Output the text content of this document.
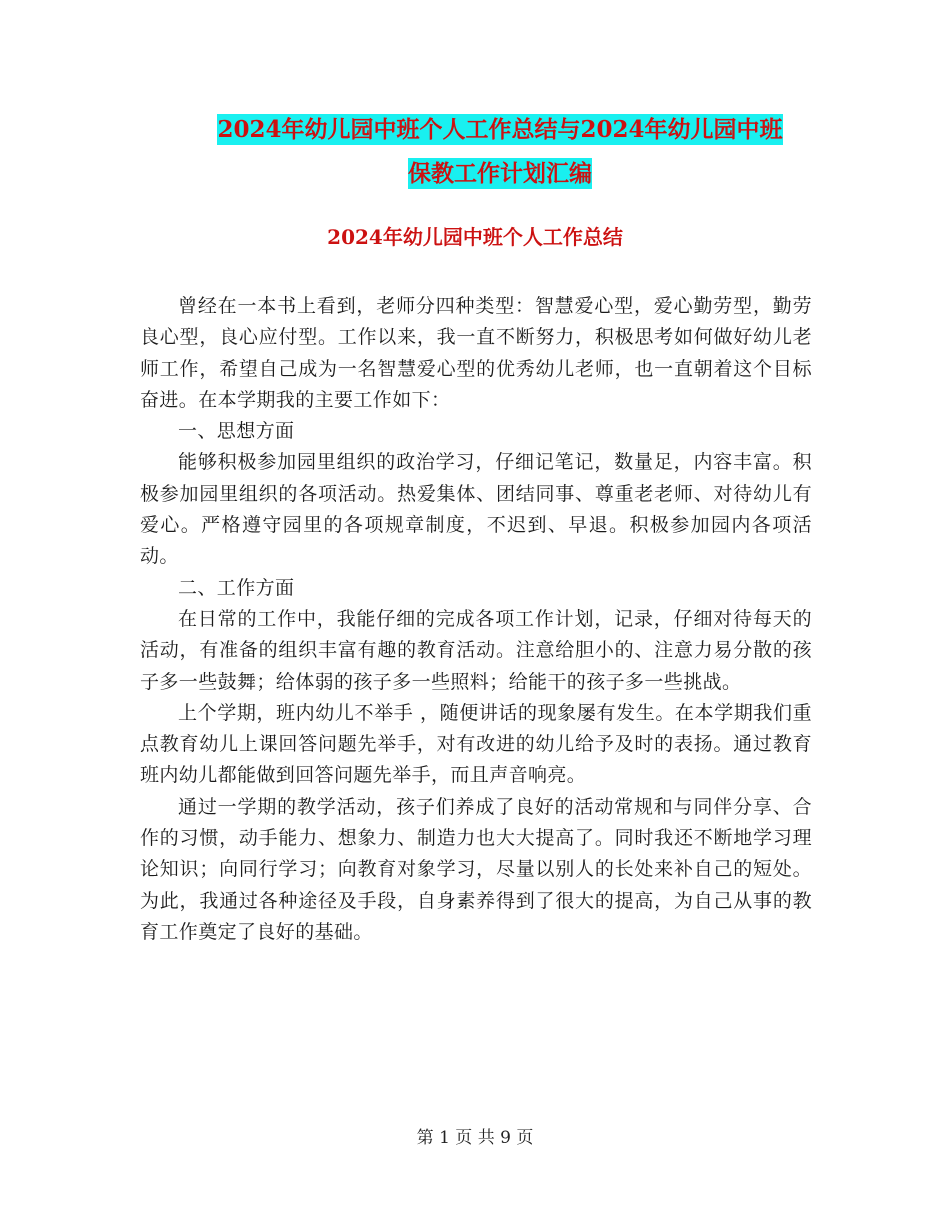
2024年幼儿园中班个人工作总结与2024年幼儿园中班
保教工作计划汇编
2024年幼儿园中班个人工作总结

曾经在一本书上看到，老师分四种类型：智慧爱心型，爱心勤劳型，勤劳良心型，良心应付型。工作以来，我一直不断努力，积极思考如何做好幼儿老师工作，希望自己成为一名智慧爱心型的优秀幼儿老师，也一直朝着这个目标奋进。在本学期我的主要工作如下：

一、思想方面

能够积极参加园里组织的政治学习，仔细记笔记，数量足，内容丰富。积极参加园里组织的各项活动。热爱集体、团结同事、尊重老老师、对待幼儿有爱心。严格遵守园里的各项规章制度，不迟到、早退。积极参加园内各项活动。

二、工作方面

在日常的工作中，我能仔细的完成各项工作计划，记录，仔细对待每天的活动，有准备的组织丰富有趣的教育活动。注意给胆小的、注意力易分散的孩子多一些鼓舞；给体弱的孩子多一些照料；给能干的孩子多一些挑战。

上个学期，班内幼儿不举手 ，随便讲话的现象屡有发生。在本学期我们重点教育幼儿上课回答问题先举手，对有改进的幼儿给予及时的表扬。通过教育班内幼儿都能做到回答问题先举手，而且声音响亮。

通过一学期的教学活动，孩子们养成了良好的活动常规和与同伴分享、合作的习惯，动手能力、想象力、制造力也大大提高了。同时我还不断地学习理论知识；向同行学习；向教育对象学习，尽量以别人的长处来补自己的短处。为此，我通过各种途径及手段，自身素养得到了很大的提高，为自己从事的教育工作奠定了良好的基础。

第 1 页 共 9 页
